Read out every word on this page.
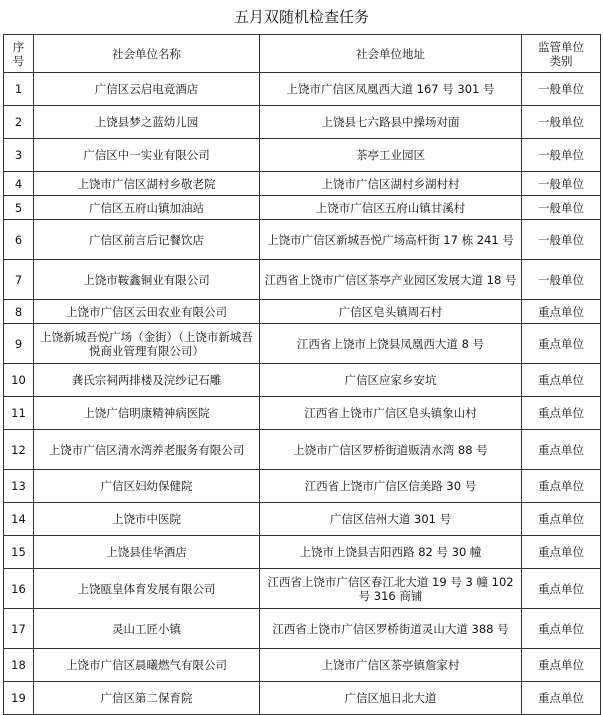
五月双随机检查任务
序号	社会单位名称	社会单位地址	监管单位类别
1	广信区云启电竞酒店	上饶市广信区凤凰西大道 167 号 301 号	一般单位
2	上饶县梦之蓝幼儿园	上饶县七六路县中操场对面	一般单位
3	广信区中一实业有限公司	茶亭工业园区	一般单位
4	上饶市广信区湖村乡敬老院	上饶市广信区湖村乡湖村村	一般单位
5	广信区五府山镇加油站	上饶市广信区五府山镇甘溪村	一般单位
6	广信区前言后记餐饮店	上饶市广信区新城吾悦广场高杆街 17 栋 241 号	一般单位
7	上饶市鞍鑫铜业有限公司	江西省上饶市广信区茶亭产业园区发展大道 18 号	一般单位
8	上饶市广信区云田农业有限公司	广信区皂头镇周石村	重点单位
9	上饶新城吾悦广场（金街）（上饶市新城吾悦商业管理有限公司）	江西省上饶市上饶县凤凰西大道 8 号	重点单位
10	龚氏宗祠两排楼及浣纱记石雕	广信区应家乡安坑	重点单位
11	上饶广信明康精神病医院	江西省上饶市广信区皂头镇象山村	重点单位
12	上饶市广信区清水湾养老服务有限公司	上饶市广信区罗桥街道贩清水湾 88 号	重点单位
13	广信区妇幼保健院	江西省上饶市广信区信美路 30 号	重点单位
14	上饶市中医院	广信区信州大道 301 号	重点单位
15	上饶县佳华酒店	上饶市上饶县吉阳西路 82 号 30 幢	重点单位
16	上饶瓯皇体育发展有限公司	江西省上饶市广信区春江北大道 19 号 3 幢 102 号 316 商铺	重点单位
17	灵山工匠小镇	江西省上饶市广信区罗桥街道灵山大道 388 号	重点单位
18	上饶市广信区晨曦燃气有限公司	上饶市广信区茶亭镇詹家村	重点单位
19	广信区第二保育院	广信区旭日北大道	重点单位
